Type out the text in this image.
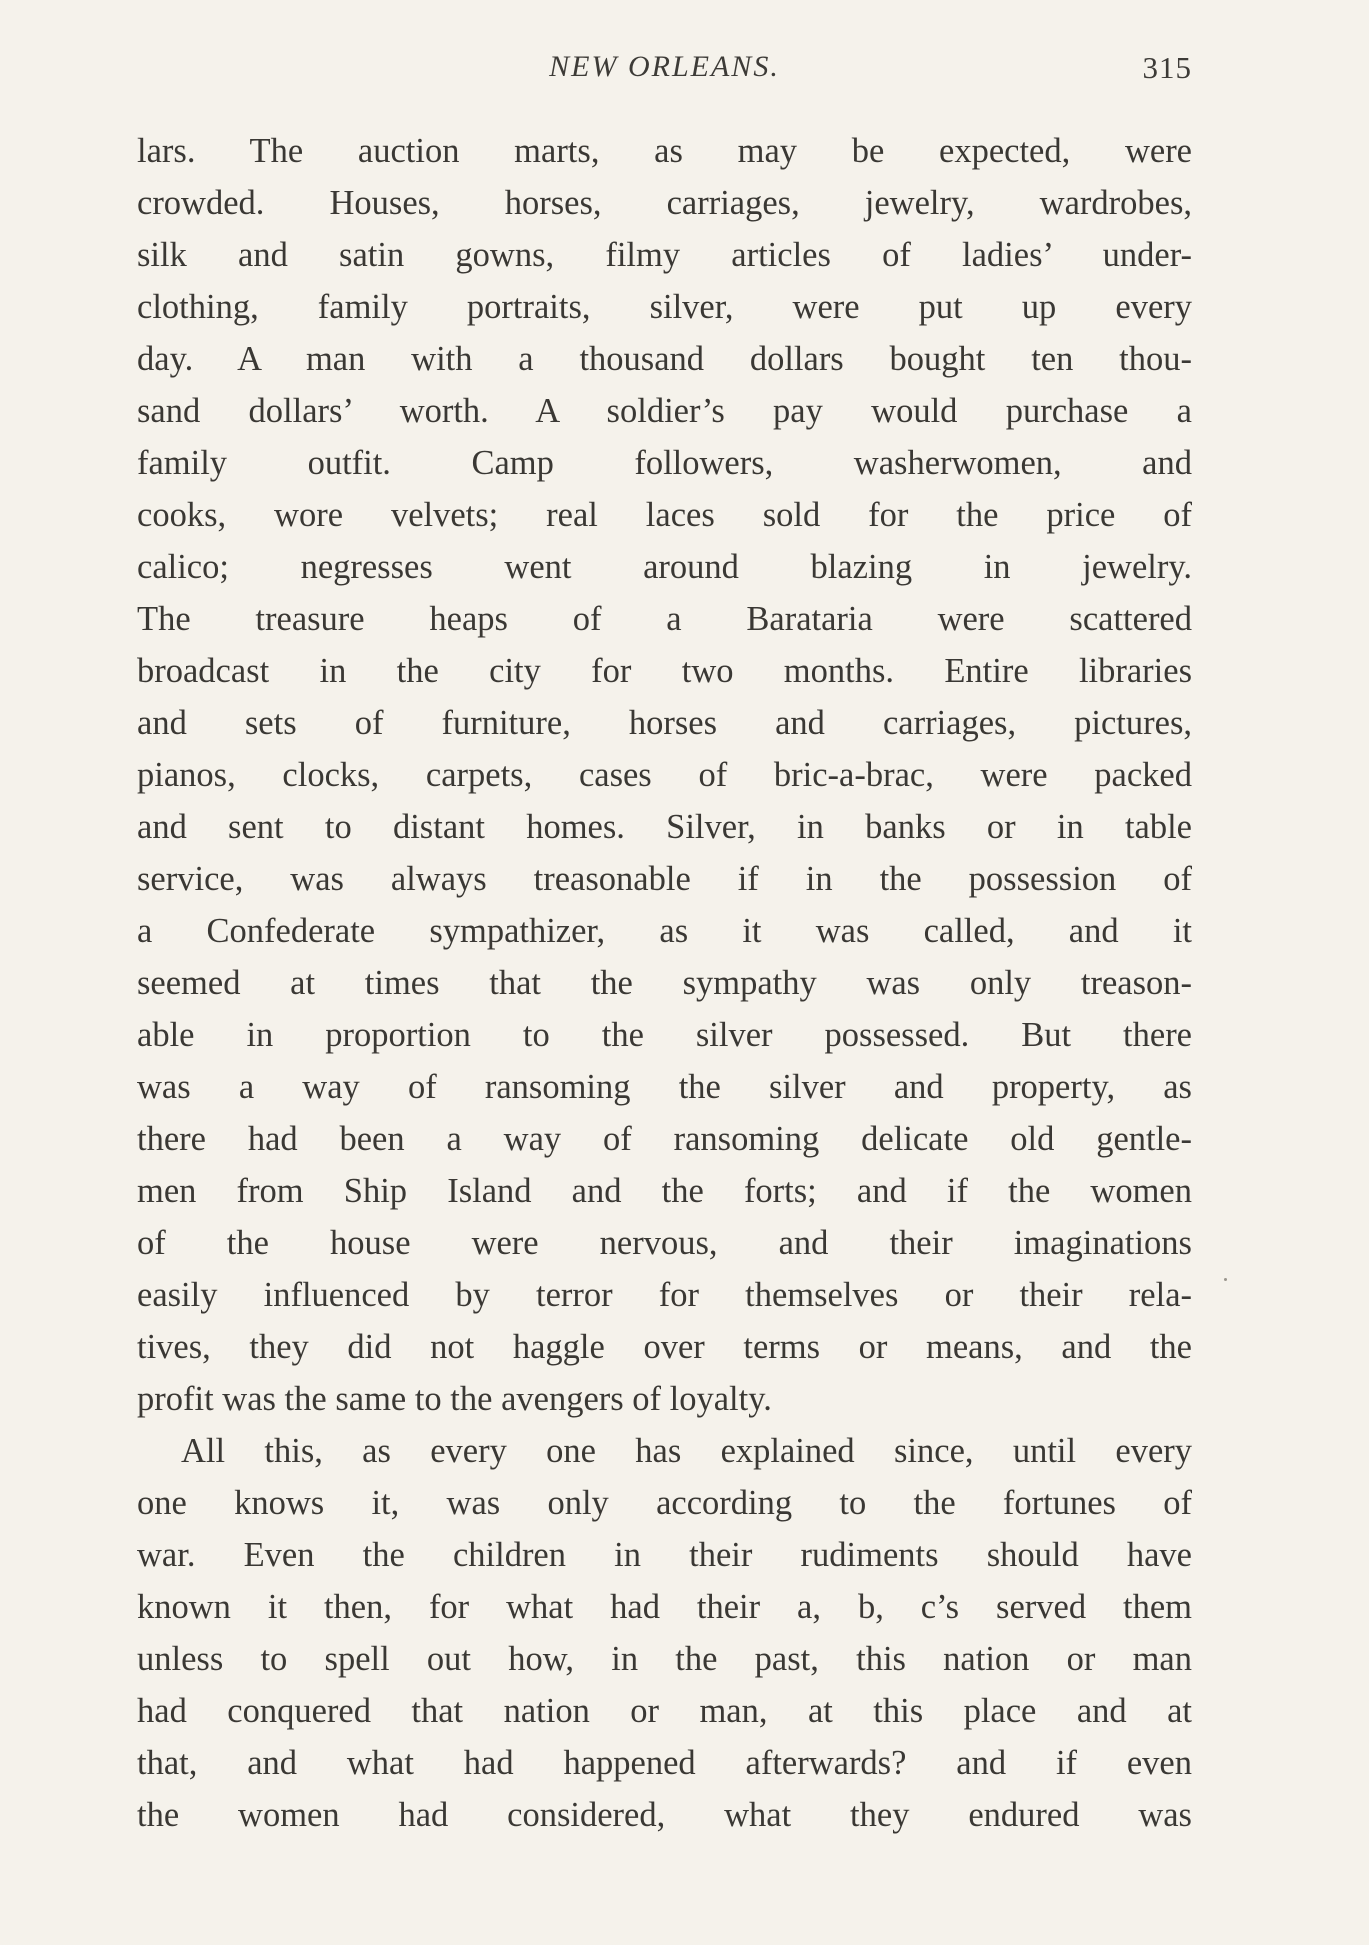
NEW ORLEANS.	315
lars. The auction marts, as may be expected, were
crowded. Houses, horses, carriages, jewelry, wardrobes,
silk and satin gowns, filmy articles of ladies’ under-
clothing, family portraits, silver, were put up every
day. A man with a thousand dollars bought ten thou-
sand dollars’ worth. A soldier’s pay would purchase a
family outfit. Camp followers, washerwomen, and
cooks, wore velvets; real laces sold for the price of
calico; negresses went around blazing in jewelry.
The treasure heaps of a Barataria were scattered
broadcast in the city for two months. Entire libraries
and sets of furniture, horses and carriages, pictures,
pianos, clocks, carpets, cases of bric-a-brac, were packed
and sent to distant homes. Silver, in banks or in table
service, was always treasonable if in the possession of
a Confederate sympathizer, as it was called, and it
seemed at times that the sympathy was only treason-
able in proportion to the silver possessed. But there
was a way of ransoming the silver and property, as
there had been a way of ransoming delicate old gentle-
men from Ship Island and the forts; and if the women
of the house were nervous, and their imaginations
easily influenced by terror for themselves or their rela-
tives, they did not haggle over terms or means, and the
profit was the same to the avengers of loyalty.
All this, as every one has explained since, until every
one knows it, was only according to the fortunes of
war. Even the children in their rudiments should have
known it then, for what had their a, b, c’s served them
unless to spell out how, in the past, this nation or man
had conquered that nation or man, at this place and at
that, and what had happened afterwards? and if even
the women had considered, what they endured was
